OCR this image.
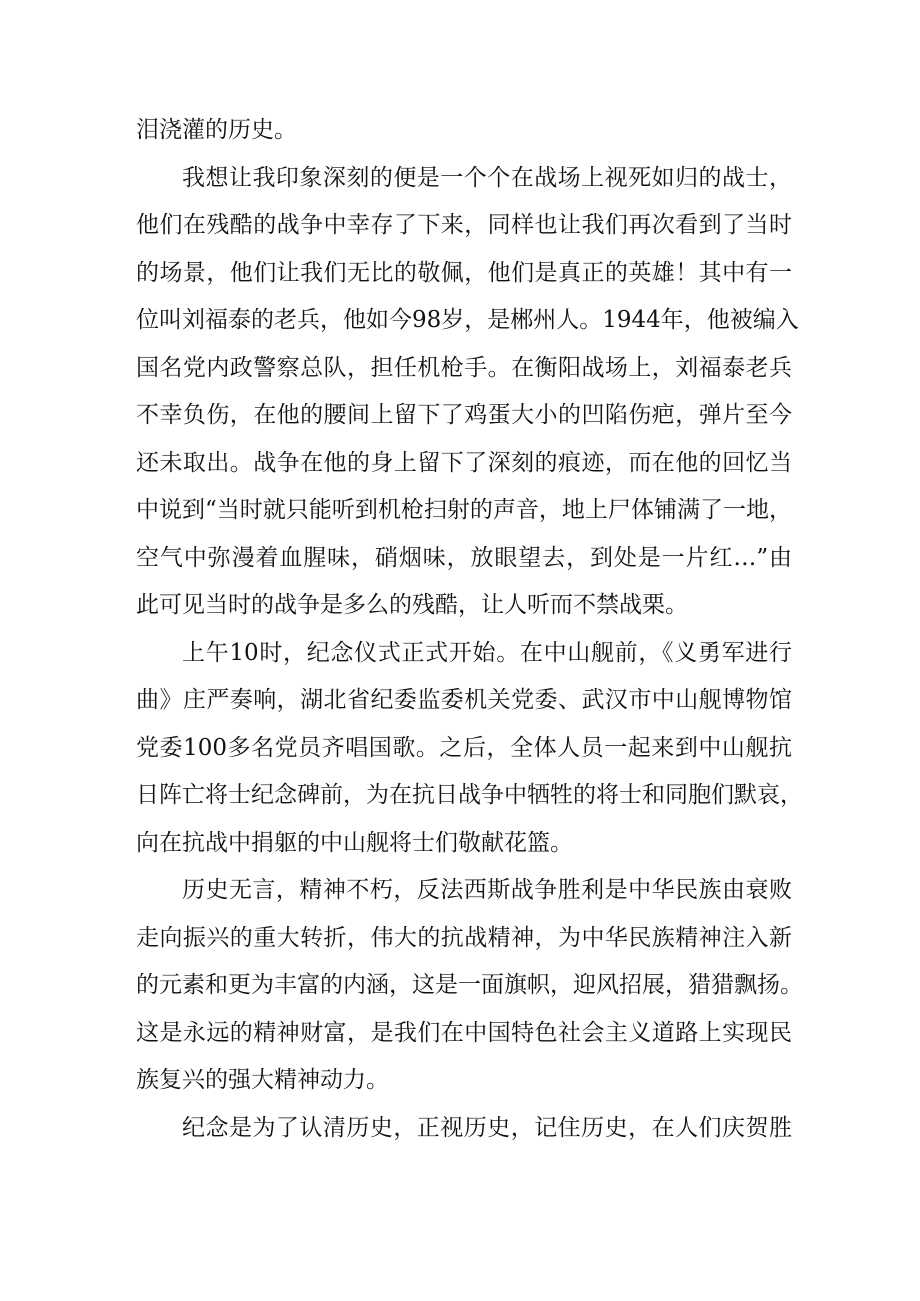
泪浇灌的历史。
我想让我印象深刻的便是一个个在战场上视死如归的战士，
他们在残酷的战争中幸存了下来，同样也让我们再次看到了当时
的场景，他们让我们无比的敬佩，他们是真正的英雄！其中有一
位叫刘福泰的老兵，他如今98岁，是郴州人。1944年，他被编入
国名党内政警察总队，担任机枪手。在衡阳战场上，刘福泰老兵
不幸负伤，在他的腰间上留下了鸡蛋大小的凹陷伤疤，弹片至今
还未取出。战争在他的身上留下了深刻的痕迹，而在他的回忆当
中说到“当时就只能听到机枪扫射的声音，地上尸体铺满了一地，
空气中弥漫着血腥味，硝烟味，放眼望去，到处是一片红…”由
此可见当时的战争是多么的残酷，让人听而不禁战栗。
上午10时，纪念仪式正式开始。在中山舰前，《义勇军进行
曲》庄严奏响，湖北省纪委监委机关党委、武汉市中山舰博物馆
党委100多名党员齐唱国歌。之后，全体人员一起来到中山舰抗
日阵亡将士纪念碑前，为在抗日战争中牺牲的将士和同胞们默哀，
向在抗战中捐躯的中山舰将士们敬献花篮。
历史无言，精神不朽，反法西斯战争胜利是中华民族由衰败
走向振兴的重大转折，伟大的抗战精神，为中华民族精神注入新
的元素和更为丰富的内涵，这是一面旗帜，迎风招展，猎猎飘扬。
这是永远的精神财富，是我们在中国特色社会主义道路上实现民
族复兴的强大精神动力。
纪念是为了认清历史，正视历史，记住历史，在人们庆贺胜
